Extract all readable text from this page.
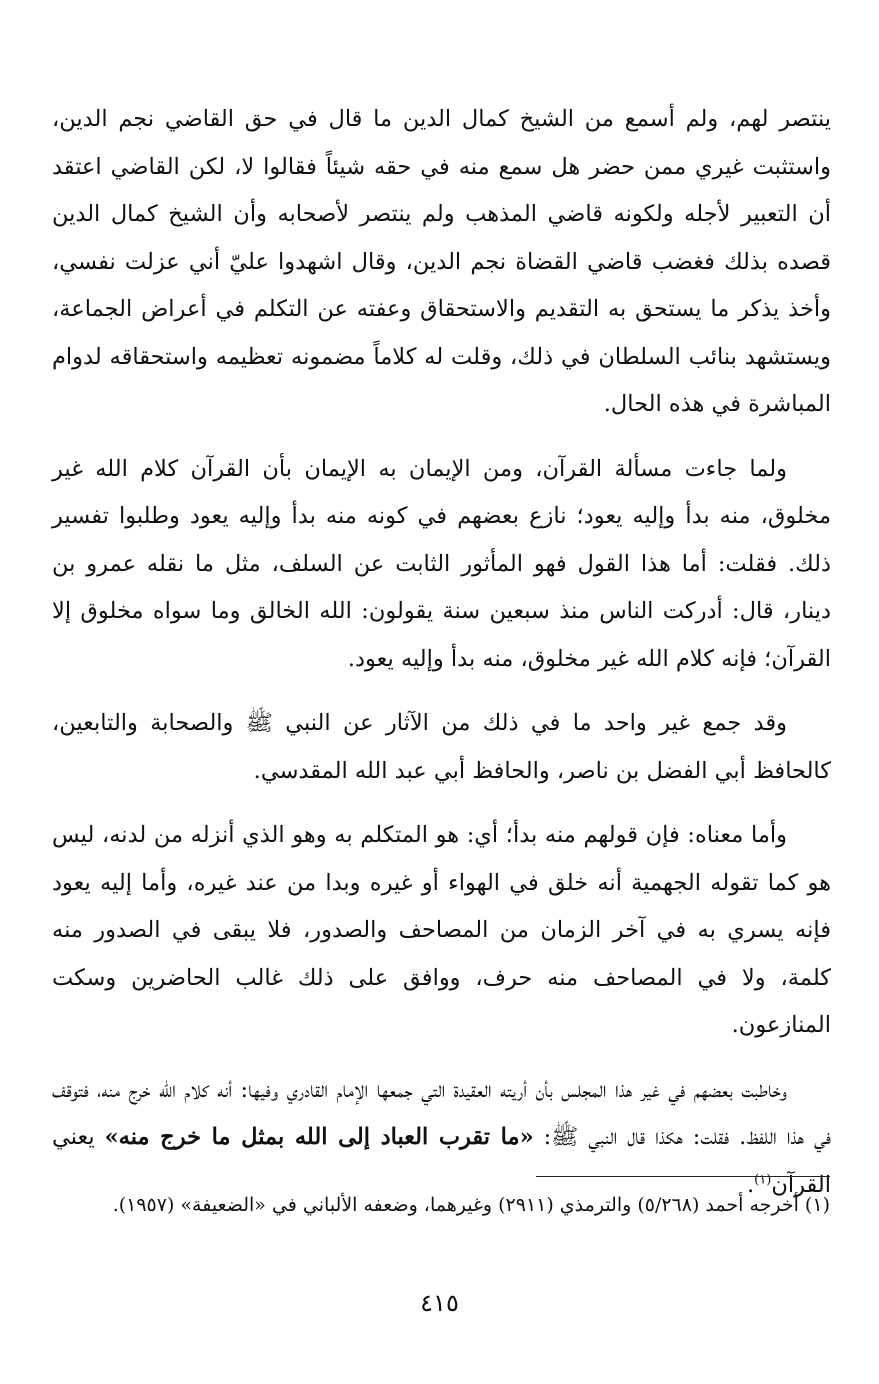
ينتصر لهم، ولم أسمع من الشيخ كمال الدين ما قال في حق القاضي نجم الدين، واستثبت غيري ممن حضر هل سمع منه في حقه شيئاً فقالوا لا، لكن القاضي اعتقد أن التعبير لأجله ولكونه قاضي المذهب ولم ينتصر لأصحابه وأن الشيخ كمال الدين قصده بذلك فغضب قاضي القضاة نجم الدين، وقال اشهدوا عليّ أني عزلت نفسي، وأخذ يذكر ما يستحق به التقديم والاستحقاق وعفته عن التكلم في أعراض الجماعة، ويستشهد بنائب السلطان في ذلك، وقلت له كلاماً مضمونه تعظيمه واستحقاقه لدوام المباشرة في هذه الحال.

ولما جاءت مسألة القرآن، ومن الإيمان به الإيمان بأن القرآن كلام الله غير مخلوق، منه بدأ وإليه يعود؛ نازع بعضهم في كونه منه بدأ وإليه يعود وطلبوا تفسير ذلك. فقلت: أما هذا القول فهو المأثور الثابت عن السلف، مثل ما نقله عمرو بن دينار، قال: أدركت الناس منذ سبعين سنة يقولون: الله الخالق وما سواه مخلوق إلا القرآن؛ فإنه كلام الله غير مخلوق، منه بدأ وإليه يعود.

وقد جمع غير واحد ما في ذلك من الآثار عن النبي ﷺ والصحابة والتابعين، كالحافظ أبي الفضل بن ناصر، والحافظ أبي عبد الله المقدسي.

وأما معناه: فإن قولهم منه بدأ؛ أي: هو المتكلم به وهو الذي أنزله من لدنه، ليس هو كما تقوله الجهمية أنه خلق في الهواء أو غيره وبدا من عند غيره، وأما إليه يعود فإنه يسري به في آخر الزمان من المصاحف والصدور، فلا يبقى في الصدور منه كلمة، ولا في المصاحف منه حرف، ووافق على ذلك غالب الحاضرين وسكت المنازعون.

وخاطبت بعضهم في غير هذا المجلس بأن أريته العقيدة التي جمعها الإمام القادري وفيها: أنه كلام الله خرج منه، فتوقف في هذا اللفظ. فقلت: هكذا قال النبي ﷺ: «ما تقرب العباد إلى الله بمثل ما خرج منه» يعني القرآن$^{(١)}$.

(١) أخرجه أحمد (٥/٢٦٨) والترمذي (٢٩١١) وغيرهما، وضعفه الألباني في «الضعيفة» (١٩٥٧).

٤١٥
